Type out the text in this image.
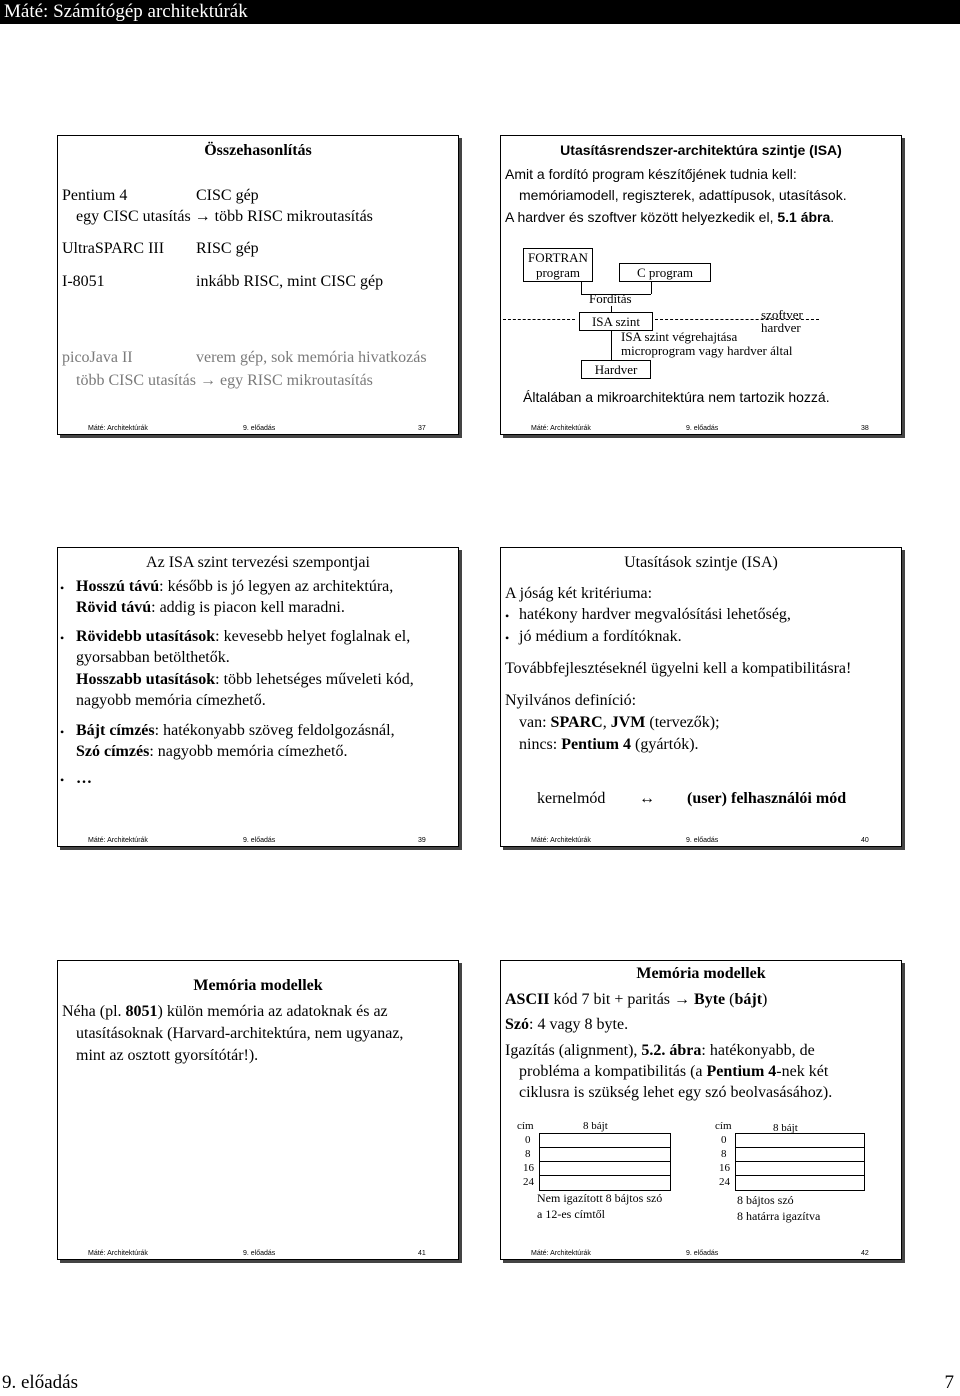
Máté: Számítógép architektúrák
Összehasonlítás
Pentium 4	CISC gép
egy CISC utasítás → több RISC mikroutasítás
UltraSPARC III RISC gép
I-8051	inkább RISC, mint CISC gép
picoJava II	verem gép, sok memória hivatkozás
több CISC utasítás → egy RISC mikroutasítás
Máté: Architektúrák	9. előadás	37
Utasításrendszer-architektúra szintje (ISA)
Amit a fordító program készítőjének tudnia kell:
memóriamodell, regiszterek, adattípusok, utasítások.
A hardver és szoftver között helyezkedik el, 5.1 ábra.
FORTRAN
program	C program
Fordítás
ISA szint	szoftver
hardver
ISA szint végrehajtása
microprogram vagy hardver által
Hardver
Általában a mikroarchitektúra nem tartozik hozzá.
Máté: Architektúrák	9. előadás	38
Az ISA szint tervezési szempontjai
• Hosszú távú: később is jó legyen az architektúra,
Rövid távú: addig is piacon kell maradni.
• Rövidebb utasítások: kevesebb helyet foglalnak el,
gyorsabban betölthetők.
Hosszabb utasítások: több lehetséges műveleti kód,
nagyobb memória címezhető.
• Bájt címzés: hatékonyabb szöveg feldolgozásnál,
Szó címzés: nagyobb memória címezhető.
• …
Máté: Architektúrák	9. előadás	39
Utasítások szintje (ISA)
A jóság két kritériuma:
• hatékony hardver megvalósítási lehetőség,
• jó médium a fordítóknak.
Továbbfejlesztéseknél ügyelni kell a kompatibilitásra!
Nyilvános definíció:
van: SPARC, JVM (tervezők);
nincs: Pentium 4 (gyártók).
kernelmód ↔ (user) felhasználói mód
Máté: Architektúrák	9. előadás	40
Memória modellek
Néha (pl. 8051) külön memória az adatoknak és az
utasításoknak (Harvard-architektúra, nem ugyanaz,
mint az osztott gyorsítótár!).
Máté: Architektúrák	9. előadás	41
Memória modellek
ASCII kód 7 bit + paritás → Byte (bájt)
Szó: 4 vagy 8 byte.
Igazítás (alignment), 5.2. ábra: hatékonyabb, de
probléma a kompatibilitás (a Pentium 4-nek két
ciklusra is szükség lehet egy szó beolvasásához).
cím	8 bájt
0
8
16
24
Nem igazított 8 bájtos szó
a 12-es címtől
cím	8 bájt
0
8
16
24
8 bájtos szó
8 határra igazítva
Máté: Architektúrák	9. előadás	42
9. előadás	7
